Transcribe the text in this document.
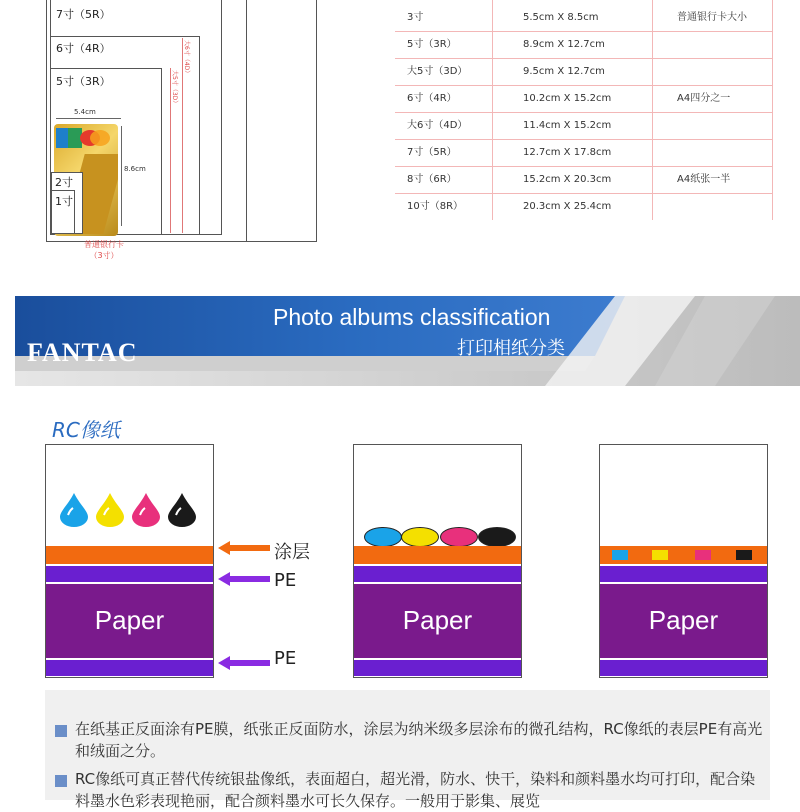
7寸（5R）
6寸（4R）
5寸（3R）
大6寸（4D）
大5寸（3D）
5.4cm
8.6cm
2寸
1寸
普通银行卡
（3寸）
3寸	5.5cm X 8.5cm	普通银行卡大小
5寸（3R）	8.9cm X 12.7cm
大5寸（3D）	9.5cm X 12.7cm
6寸（4R）	10.2cm X 15.2cm	A4四分之一
大6寸（4D）	11.4cm X 15.2cm
7寸（5R）	12.7cm X 17.8cm
8寸（6R）	15.2cm X 20.3cm	A4纸张一半
10寸（8R）	20.3cm X 25.4cm
Photo albums classification
打印相纸分类
FANTAC
RC像纸
Paper
涂层
PE
PE
Paper	Paper
在纸基正反面涂有PE膜，纸张正反面防水，涂层为纳米级多层涂布的微孔结构，RC像纸的表层PE有高光和绒面之分。
RC像纸可真正替代传统银盐像纸，表面超白，超光滑，防水、快干，染料和颜料墨水均可打印，配合染料墨水色彩表现艳丽，配合颜料墨水可长久保存。一般用于影集、展览
